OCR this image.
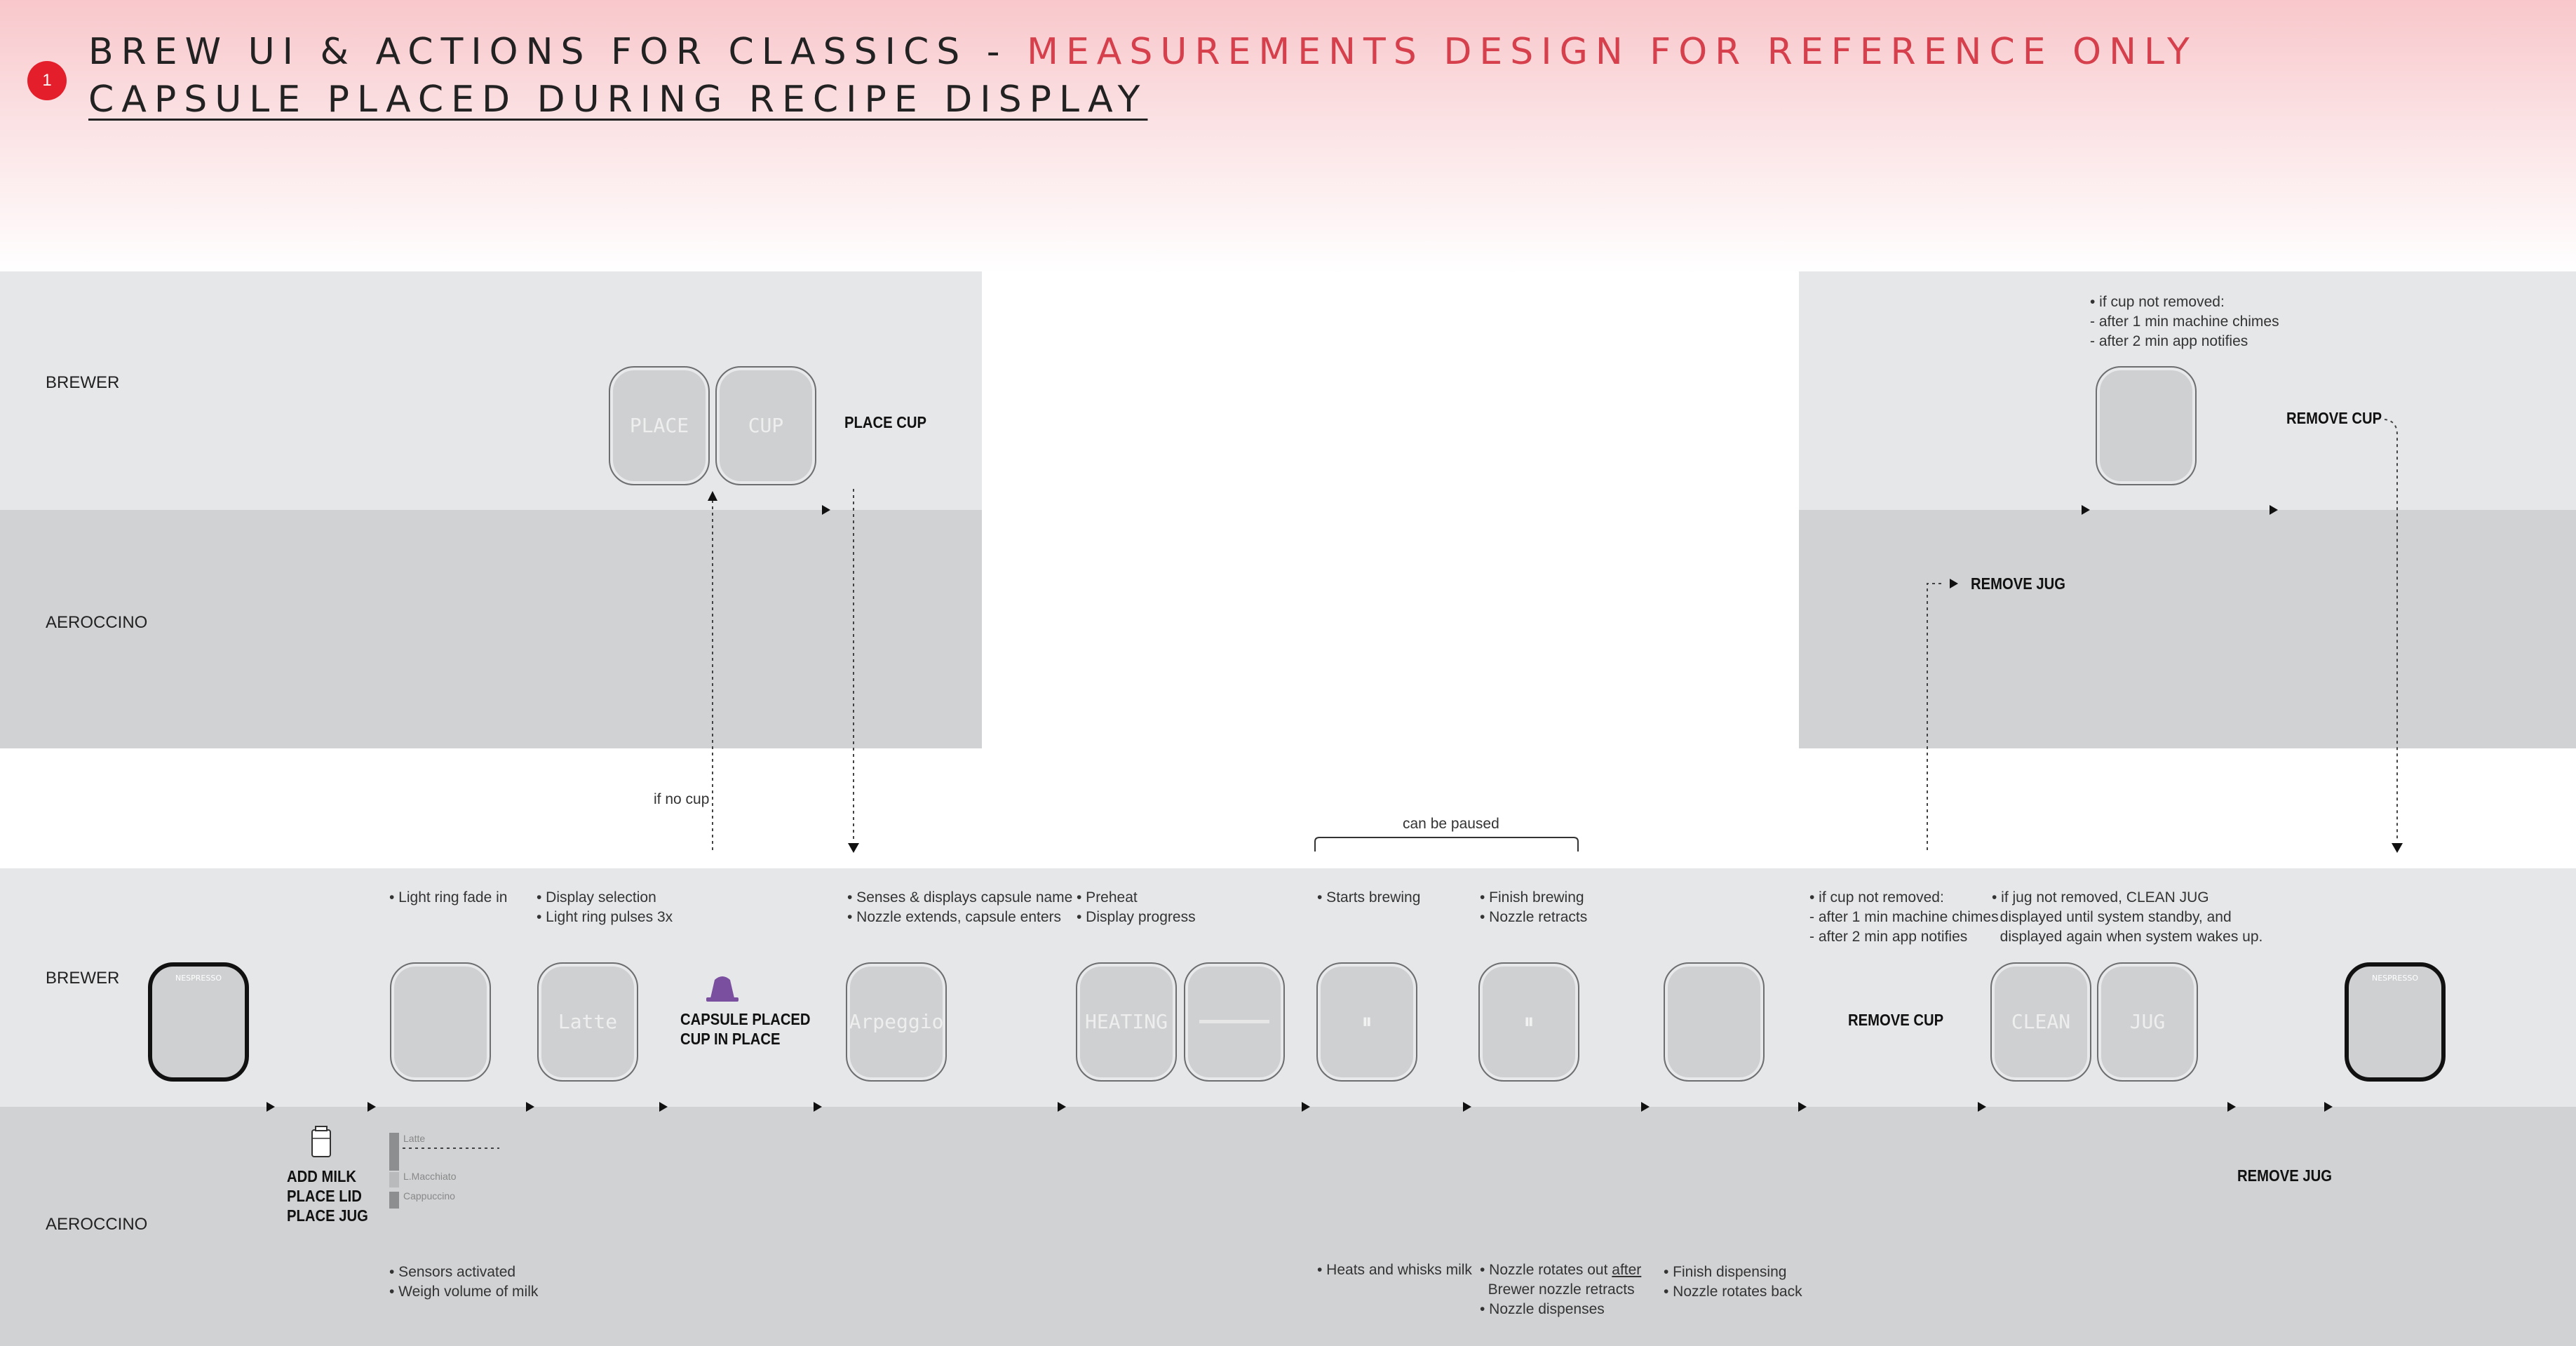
1
BREW UI & ACTIONS FOR CLASSICS - MEASUREMENTS DESIGN FOR REFERENCE ONLY
CAPSULE PLACED DURING RECIPE DISPLAY
BREWER
AEROCCINO
BREWER
AEROCCINO
PLACE	CUP	PLACE CUP
if no cup
• if cup not removed:
- after 1 min machine chimes
- after 2 min app notifies
REMOVE CUP
REMOVE JUG
• Light ring fade in • Display selection
• Light ring pulses 3x
• Senses & displays capsule name
• Nozzle extends, capsule enters
• Preheat
• Display progress
• Starts brewing	• Finish brewing
• Nozzle retracts
• if cup not removed:
- after 1 min machine chimes
- after 2 min app notifies
• if jug not removed, CLEAN JUG
displayed until system standby, and
displayed again when system wakes up.
can be paused
NESPRESSO
Latte	Arpeggio	HEATING	⏸	⏸	CLEAN	JUG
NESPRESSO
CAPSULE PLACED
CUP IN PLACE
REMOVE CUP
ADD MILK
PLACE LID
PLACE JUG
Latte
L.Macchiato
Cappuccino
REMOVE JUG
• Sensors activated
• Weigh volume of milk
• Heats and whisks milk • Nozzle rotates out after
Brewer nozzle retracts
• Nozzle dispenses
• Finish dispensing
• Nozzle rotates back
